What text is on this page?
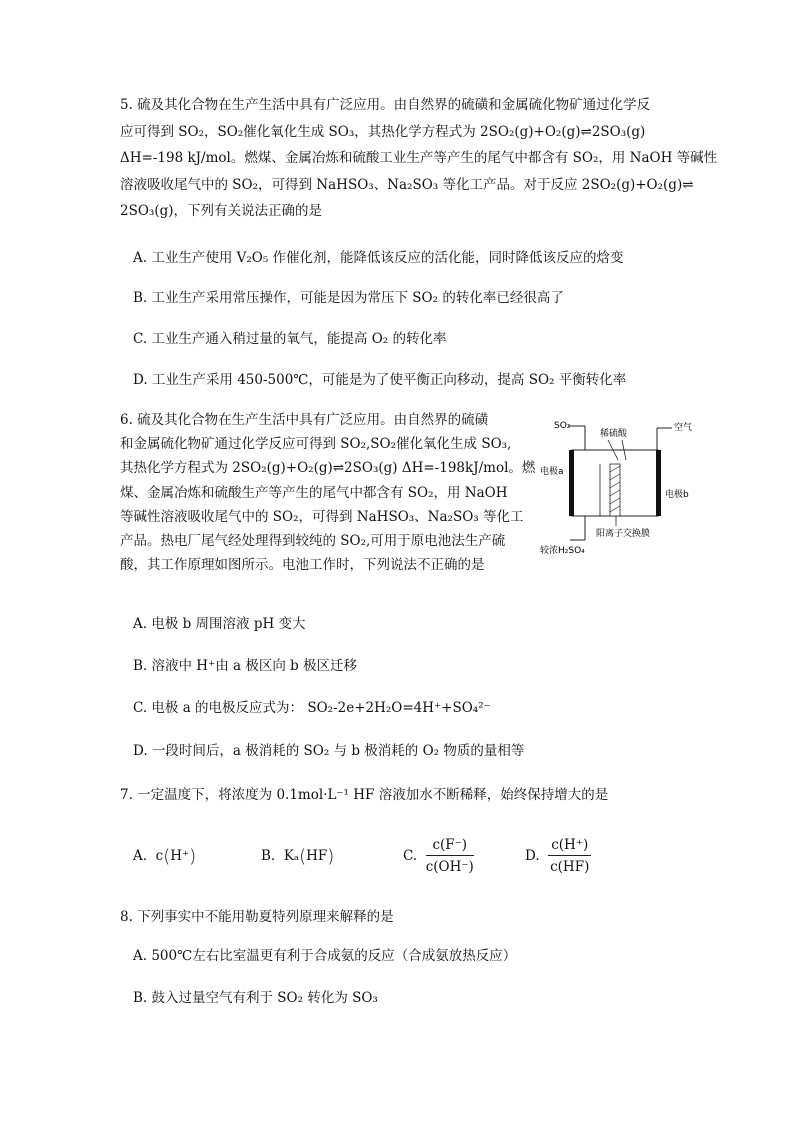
5. 硫及其化合物在生产生活中具有广泛应用。由自然界的硫磺和金属硫化物矿通过化学反
应可得到 SO₂，SO₂催化氧化生成 SO₃，其热化学方程式为 2SO₂(g)+O₂(g)⇌2SO₃(g)
ΔH=-198 kJ/mol。燃煤、金属冶炼和硫酸工业生产等产生的尾气中都含有 SO₂，用 NaOH 等碱性
溶液吸收尾气中的 SO₂，可得到 NaHSO₃、Na₂SO₃ 等化工产品。对于反应 2SO₂(g)+O₂(g)⇌
2SO₃(g)，下列有关说法正确的是
A. 工业生产使用 V₂O₅ 作催化剂，能降低该反应的活化能，同时降低该反应的焓变
B. 工业生产采用常压操作，可能是因为常压下 SO₂ 的转化率已经很高了
C. 工业生产通入稍过量的氧气，能提高 O₂ 的转化率
D. 工业生产采用 450-500℃，可能是为了使平衡正向移动，提高 SO₂ 平衡转化率
6. 硫及其化合物在生产生活中具有广泛应用。由自然界的硫磺
和金属硫化物矿通过化学反应可得到 SO₂,SO₂催化氧化生成 SO₃,
其热化学方程式为 2SO₂(g)+O₂(g)⇌2SO₃(g) ΔH=-198kJ/mol。燃
煤、金属冶炼和硫酸生产等产生的尾气中都含有 SO₂，用 NaOH
等碱性溶液吸收尾气中的 SO₂，可得到 NaHSO₃、Na₂SO₃ 等化工
产品。热电厂尾气经处理得到较纯的 SO₂,可用于原电池法生产硫
酸，其工作原理如图所示。电池工作时，下列说法不正确的是
SO₂
稀硫酸
空气
电极a
电极b
阳离子交换膜
较浓H₂SO₄
A. 电极 b 周围溶液 pH 变大
B. 溶液中 H⁺由 a 极区向 b 极区迁移
C. 电极 a 的电极反应式为： SO₂-2e+2H₂O=4H⁺+SO₄²⁻
D. 一段时间后，a 极消耗的 SO₂ 与 b 极消耗的 O₂ 物质的量相等
7. 一定温度下，将浓度为 0.1mol·L⁻¹ HF 溶液加水不断稀释，始终保持增大的是
A.
c ( H⁺ )	B.
Kₐ ( HF )	C.
$\frac{c(F^-)}{c(OH^-)}$	D.
$\frac{c(H^+)}{c(HF)}$
8. 下列事实中不能用勒夏特列原理来解释的是
A. 500℃左右比室温更有利于合成氨的反应（合成氨放热反应）
B. 鼓入过量空气有利于 SO₂ 转化为 SO₃
